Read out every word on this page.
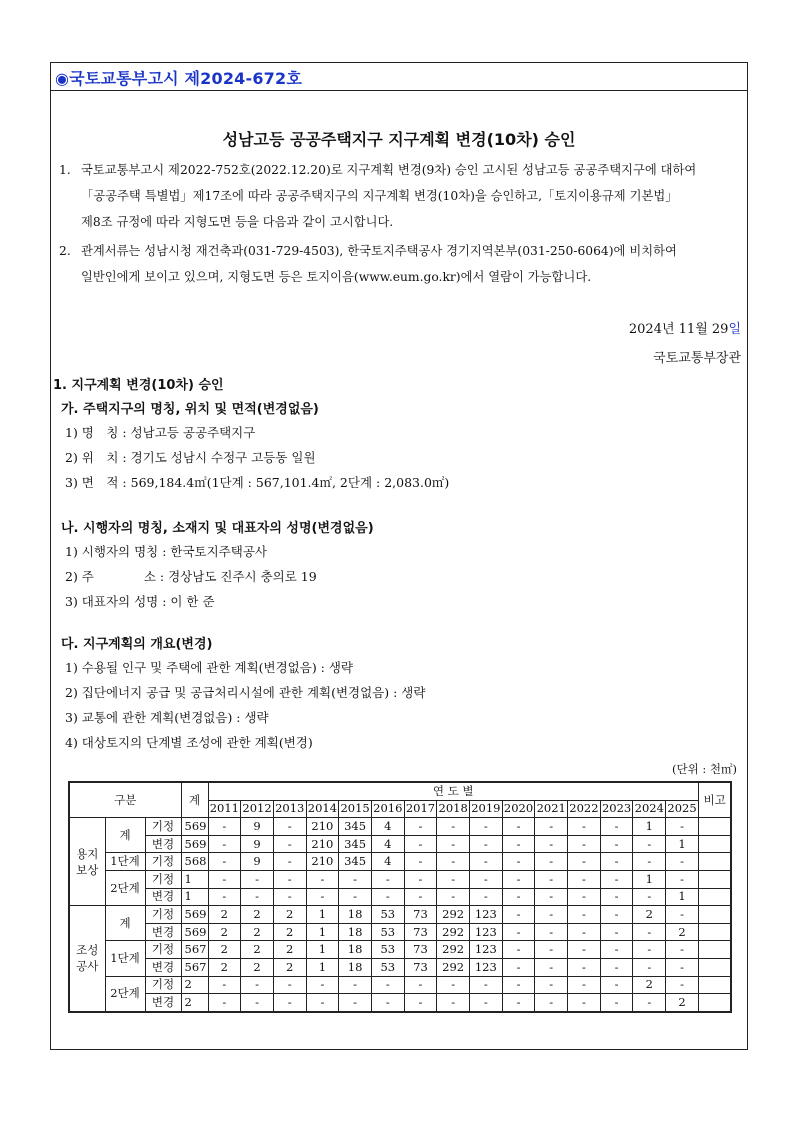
◉국토교통부고시 제2024-672호
성남고등 공공주택지구 지구계획 변경(10차) 승인
1. 국토교통부고시 제2022-752호(2022.12.20)로 지구계획 변경(9차) 승인 고시된 성남고등 공공주택지구에 대하여
「공공주택 특별법」제17조에 따라 공공주택지구의 지구계획 변경(10차)을 승인하고,「토지이용규제 기본법」
제8조 규정에 따라 지형도면 등을 다음과 같이 고시합니다.
2. 관계서류는 성남시청 재건축과(031-729-4503), 한국토지주택공사 경기지역본부(031-250-6064)에 비치하여
일반인에게 보이고 있으며, 지형도면 등은 토지이음(www.eum.go.kr)에서 열람이 가능합니다.
2024년 11월 29일
국토교통부장관
1. 지구계획 변경(10차) 승인
가. 주택지구의 명칭, 위치 및 면적(변경없음)
1) 명　칭 : 성남고등 공공주택지구
2) 위　치 : 경기도 성남시 수정구 고등동 일원
3) 면　적 : 569,184.4㎡(1단계 : 567,101.4㎡, 2단계 : 2,083.0㎡)
나. 시행자의 명칭, 소재지 및 대표자의 성명(변경없음)
1) 시행자의 명칭 : 한국토지주택공사
2) 주　　　　소 : 경상남도 진주시 충의로 19
3) 대표자의 성명 : 이 한 준
다. 지구계획의 개요(변경)
1) 수용될 인구 및 주택에 관한 계획(변경없음) : 생략
2) 집단에너지 공급 및 공급처리시설에 관한 계획(변경없음) : 생략
3) 교통에 관한 계획(변경없음) : 생략
4) 대상토지의 단계별 조성에 관한 계획(변경)
(단위 : 천㎡)
구분			계	연 도 별															비고
				2011	2012	2013	2014	2015	2016	2017	2018	2019	2020	2021	2022	2023	2024	2025	
용지
보상	계	기정	569	-	9	-	210	345	4	-	-	-	-	-	-	-	1	-	
		변경	569	-	9	-	210	345	4	-	-	-	-	-	-	-	-	1	
	1단계	기정	568	-	9	-	210	345	4	-	-	-	-	-	-	-	-	-	
	2단계	기정	1	-	-	-	-	-	-	-	-	-	-	-	-	-	1	-	
		변경	1	-	-	-	-	-	-	-	-	-	-	-	-	-	-	1	
조성
공사	계	기정	569	2	2	2	1	18	53	73	292	123	-	-	-	-	2	-	
		변경	569	2	2	2	1	18	53	73	292	123	-	-	-	-	-	2	
	1단계	기정	567	2	2	2	1	18	53	73	292	123	-	-	-	-	-	-	
		변경	567	2	2	2	1	18	53	73	292	123	-	-	-	-	-	-	
	2단계	기정	2	-	-	-	-	-	-	-	-	-	-	-	-	-	2	-	
		변경	2	-	-	-	-	-	-	-	-	-	-	-	-	-	-	2	
